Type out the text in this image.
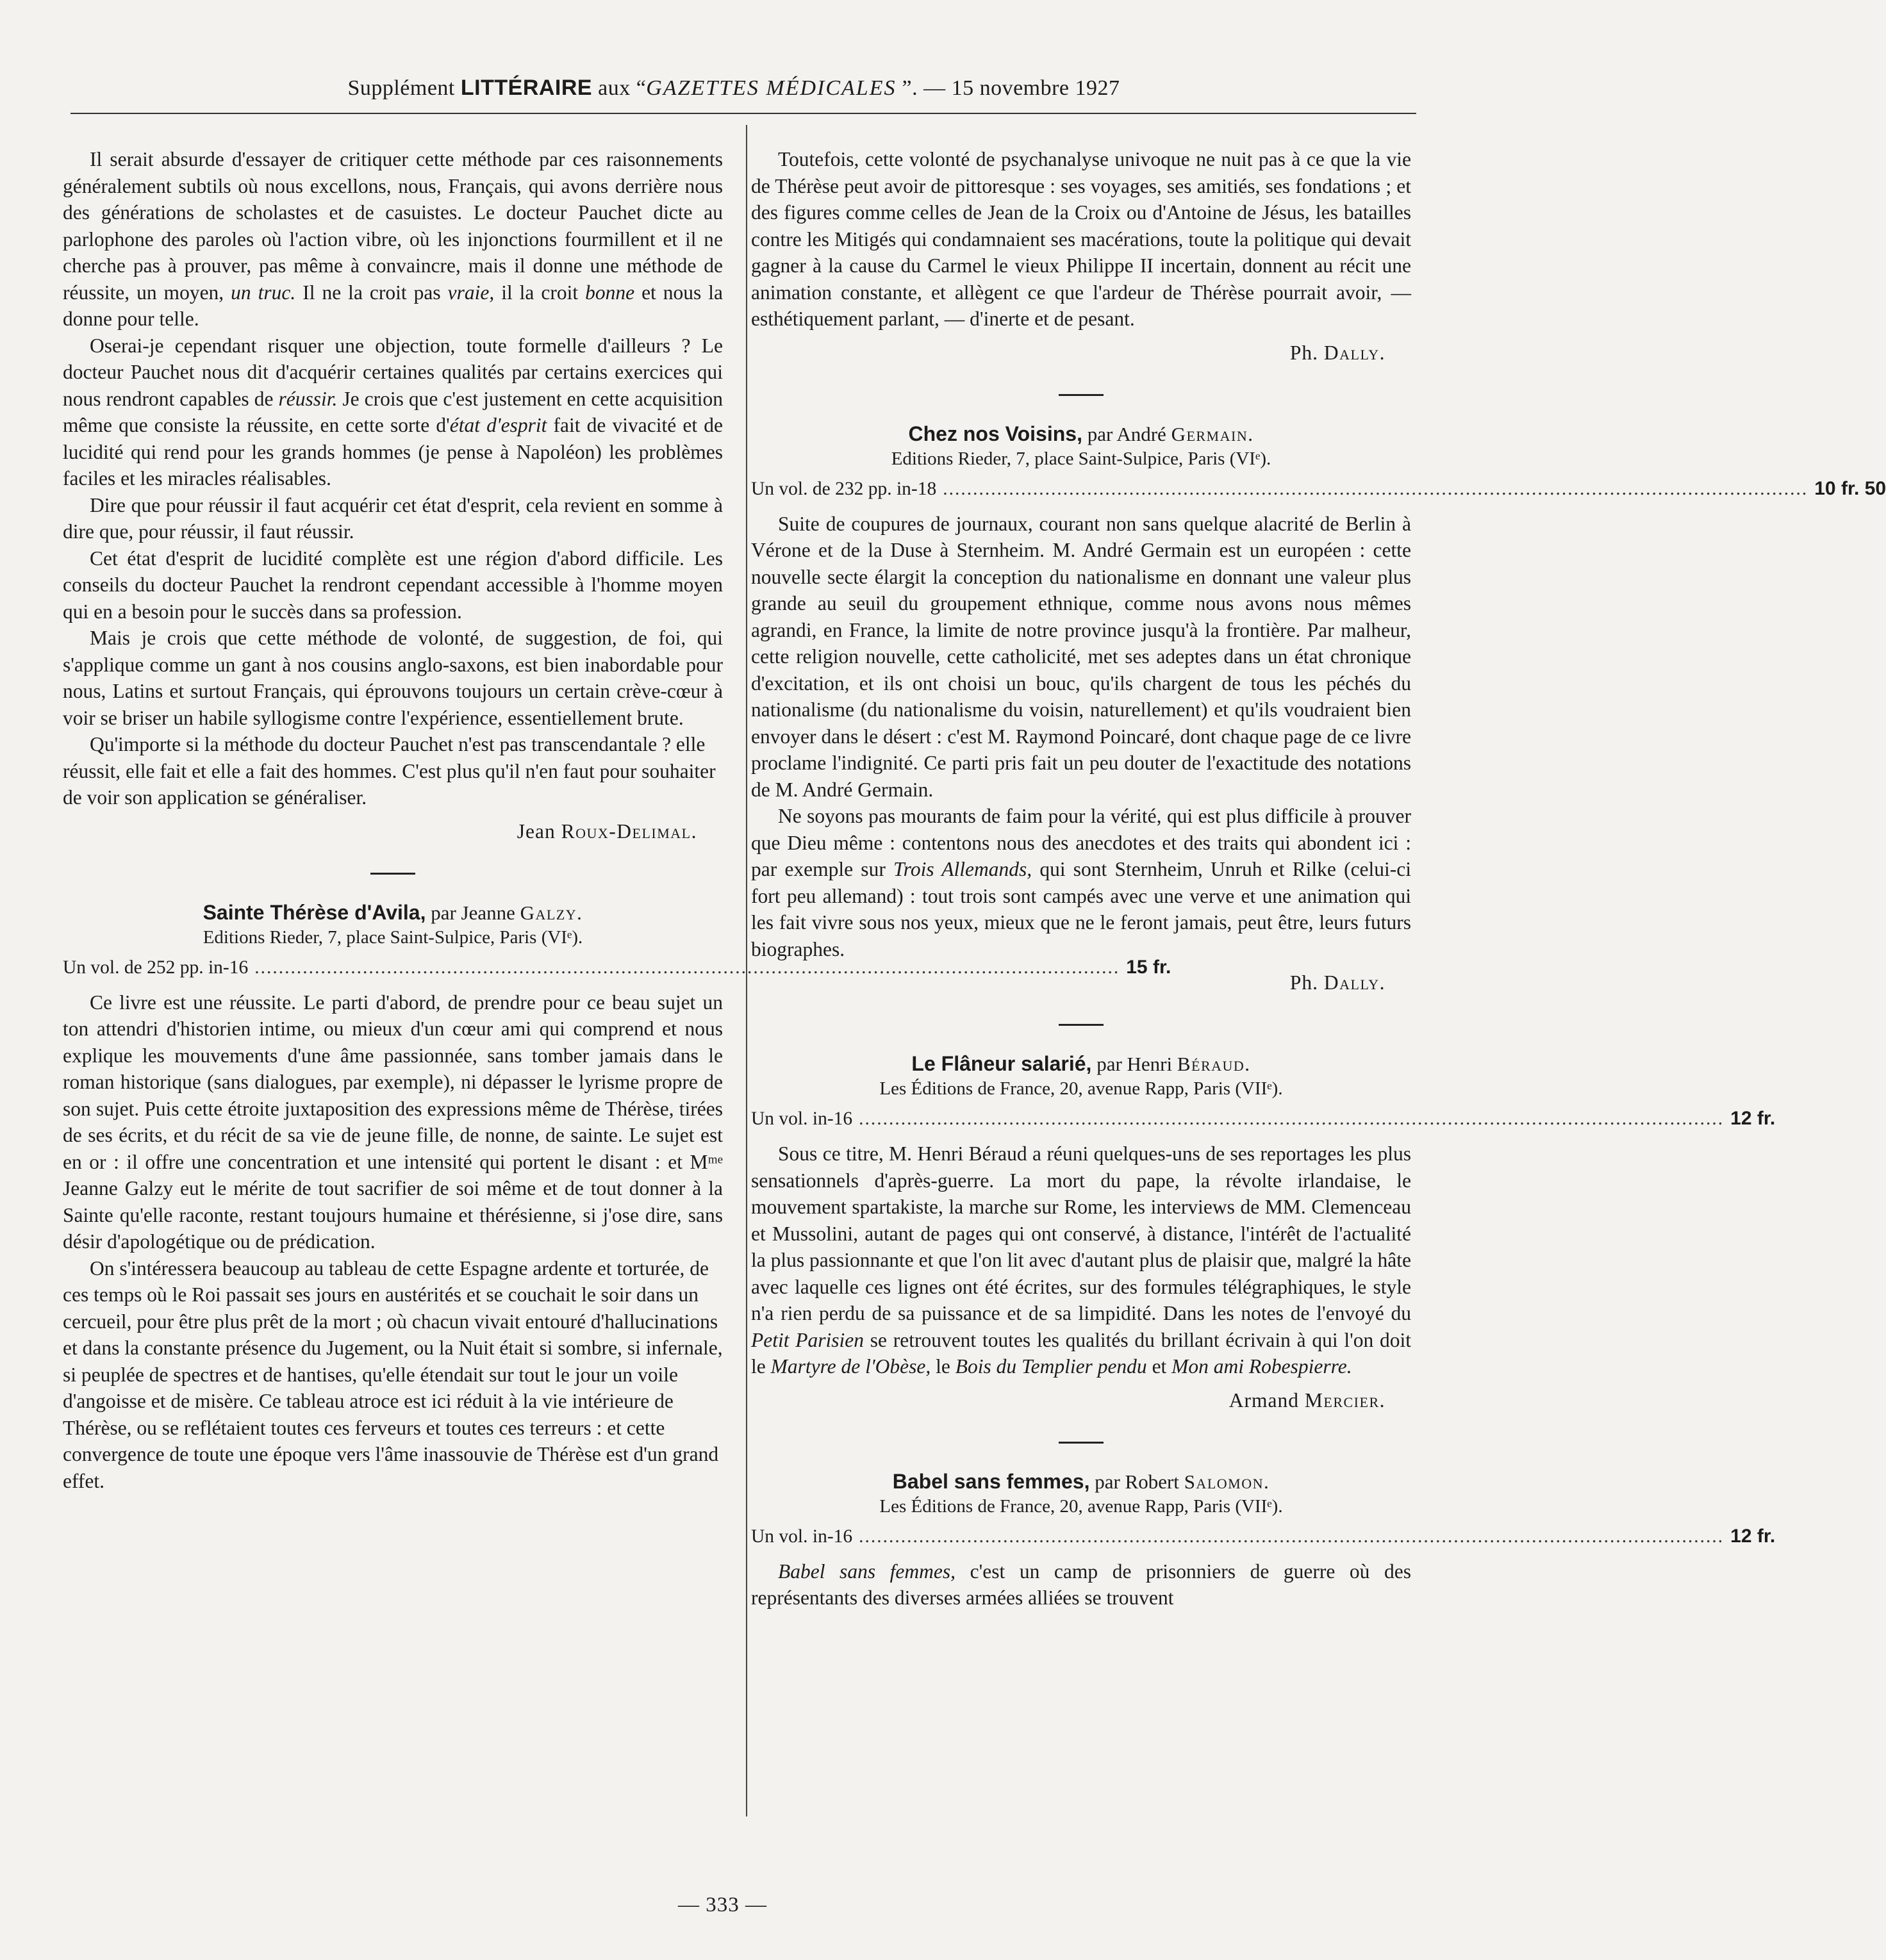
Supplément LITTÉRAIRE aux “GAZETTES MÉDICALES ”. — 15 novembre 1927

Il serait absurde d'essayer de critiquer cette méthode par ces raisonnements généralement subtils où nous excellons, nous, Français, qui avons derrière nous des générations de scholastes et de casuistes. Le docteur Pauchet dicte au parlophone des paroles où l'action vibre, où les injonctions fourmillent et il ne cherche pas à prouver, pas même à convaincre, mais il donne une méthode de réussite, un moyen, un truc. Il ne la croit pas vraie, il la croit bonne et nous la donne pour telle.

Oserai-je cependant risquer une objection, toute formelle d'ailleurs ? Le docteur Pauchet nous dit d'acquérir certaines qualités par certains exercices qui nous rendront capables de réussir. Je crois que c'est justement en cette acquisition même que consiste la réussite, en cette sorte d'état d'esprit fait de vivacité et de lucidité qui rend pour les grands hommes (je pense à Napoléon) les problèmes faciles et les miracles réalisables.

Dire que pour réussir il faut acquérir cet état d'esprit, cela revient en somme à dire que, pour réussir, il faut réussir.

Cet état d'esprit de lucidité complète est une région d'abord difficile. Les conseils du docteur Pauchet la rendront cependant accessible à l'homme moyen qui en a besoin pour le succès dans sa profession.

Mais je crois que cette méthode de volonté, de suggestion, de foi, qui s'applique comme un gant à nos cousins anglo-saxons, est bien inabordable pour nous, Latins et surtout Français, qui éprouvons toujours un certain crève-cœur à voir se briser un habile syllogisme contre l'expérience, essentiellement brute.

Qu'importe si la méthode du docteur Pauchet n'est pas transcendantale ? elle réussit, elle fait et elle a fait des hommes. C'est plus qu'il n'en faut pour souhaiter de voir son application se généraliser.

Jean Roux-Delimal.
Sainte Thérèse d'Avila, par Jeanne Galzy.
Editions Rieder, 7, place Saint-Sulpice, Paris (VIᵉ).
Un vol. de 252 pp. in-16 ................................................................................................................................................ 15 fr.

Ce livre est une réussite. Le parti d'abord, de prendre pour ce beau sujet un ton attendri d'historien intime, ou mieux d'un cœur ami qui comprend et nous explique les mouvements d'une âme passionnée, sans tomber jamais dans le roman historique (sans dialogues, par exemple), ni dépasser le lyrisme propre de son sujet. Puis cette étroite juxtaposition des expressions même de Thérèse, tirées de ses écrits, et du récit de sa vie de jeune fille, de nonne, de sainte. Le sujet est en or : il offre une concentration et une intensité qui portent le disant : et Mᵐᵉ Jeanne Galzy eut le mérite de tout sacrifier de soi même et de tout donner à la Sainte qu'elle raconte, restant toujours humaine et thérésienne, si j'ose dire, sans désir d'apologétique ou de prédication.

On s'intéressera beaucoup au tableau de cette Espagne ardente et torturée, de ces temps où le Roi passait ses jours en austérités et se couchait le soir dans un cercueil, pour être plus prêt de la mort ; où chacun vivait entouré d'hallucinations et dans la constante présence du Jugement, ou la Nuit était si sombre, si infernale, si peuplée de spectres et de hantises, qu'elle étendait sur tout le jour un voile d'angoisse et de misère. Ce tableau atroce est ici réduit à la vie intérieure de Thérèse, ou se reflétaient toutes ces ferveurs et toutes ces terreurs : et cette convergence de toute une époque vers l'âme inassouvie de Thérèse est d'un grand effet.

Toutefois, cette volonté de psychanalyse univoque ne nuit pas à ce que la vie de Thérèse peut avoir de pittoresque : ses voyages, ses amitiés, ses fondations ; et des figures comme celles de Jean de la Croix ou d'Antoine de Jésus, les batailles contre les Mitigés qui condamnaient ses macérations, toute la politique qui devait gagner à la cause du Carmel le vieux Philippe II incertain, donnent au récit une animation constante, et allègent ce que l'ardeur de Thérèse pourrait avoir, — esthétiquement parlant, — d'inerte et de pesant.

Ph. Dally.
Chez nos Voisins, par André Germain.
Editions Rieder, 7, place Saint-Sulpice, Paris (VIᵉ).
Un vol. de 232 pp. in-18 ................................................................................................................................................ 10 fr. 50

Suite de coupures de journaux, courant non sans quelque alacrité de Berlin à Vérone et de la Duse à Sternheim. M. André Germain est un européen : cette nouvelle secte élargit la conception du nationalisme en donnant une valeur plus grande au seuil du groupement ethnique, comme nous avons nous mêmes agrandi, en France, la limite de notre province jusqu'à la frontière. Par malheur, cette religion nouvelle, cette catholicité, met ses adeptes dans un état chronique d'excitation, et ils ont choisi un bouc, qu'ils chargent de tous les péchés du nationalisme (du nationalisme du voisin, naturellement) et qu'ils voudraient bien envoyer dans le désert : c'est M. Raymond Poincaré, dont chaque page de ce livre proclame l'indignité. Ce parti pris fait un peu douter de l'exactitude des notations de M. André Germain.

Ne soyons pas mourants de faim pour la vérité, qui est plus difficile à prouver que Dieu même : contentons nous des anecdotes et des traits qui abondent ici : par exemple sur Trois Allemands, qui sont Sternheim, Unruh et Rilke (celui-ci fort peu allemand) : tout trois sont campés avec une verve et une animation qui les fait vivre sous nos yeux, mieux que ne le feront jamais, peut être, leurs futurs biographes.

Ph. Dally.
Le Flâneur salarié, par Henri Béraud.
Les Éditions de France, 20, avenue Rapp, Paris (VIIᵉ).
Un vol. in-16 ................................................................................................................................................ 12 fr.

Sous ce titre, M. Henri Béraud a réuni quelques-uns de ses reportages les plus sensationnels d'après-guerre. La mort du pape, la révolte irlandaise, le mouvement spartakiste, la marche sur Rome, les interviews de MM. Clemenceau et Mussolini, autant de pages qui ont conservé, à distance, l'intérêt de l'actualité la plus passionnante et que l'on lit avec d'autant plus de plaisir que, malgré la hâte avec laquelle ces lignes ont été écrites, sur des formules télégraphiques, le style n'a rien perdu de sa puissance et de sa limpidité. Dans les notes de l'envoyé du Petit Parisien se retrouvent toutes les qualités du brillant écrivain à qui l'on doit le Martyre de l'Obèse, le Bois du Templier pendu et Mon ami Robespierre.

Armand Mercier.
Babel sans femmes, par Robert Salomon.
Les Éditions de France, 20, avenue Rapp, Paris (VIIᵉ).
Un vol. in-16 ................................................................................................................................................ 12 fr.

Babel sans femmes, c'est un camp de prisonniers de guerre où des représentants des diverses armées alliées se trouvent

— 333 —
